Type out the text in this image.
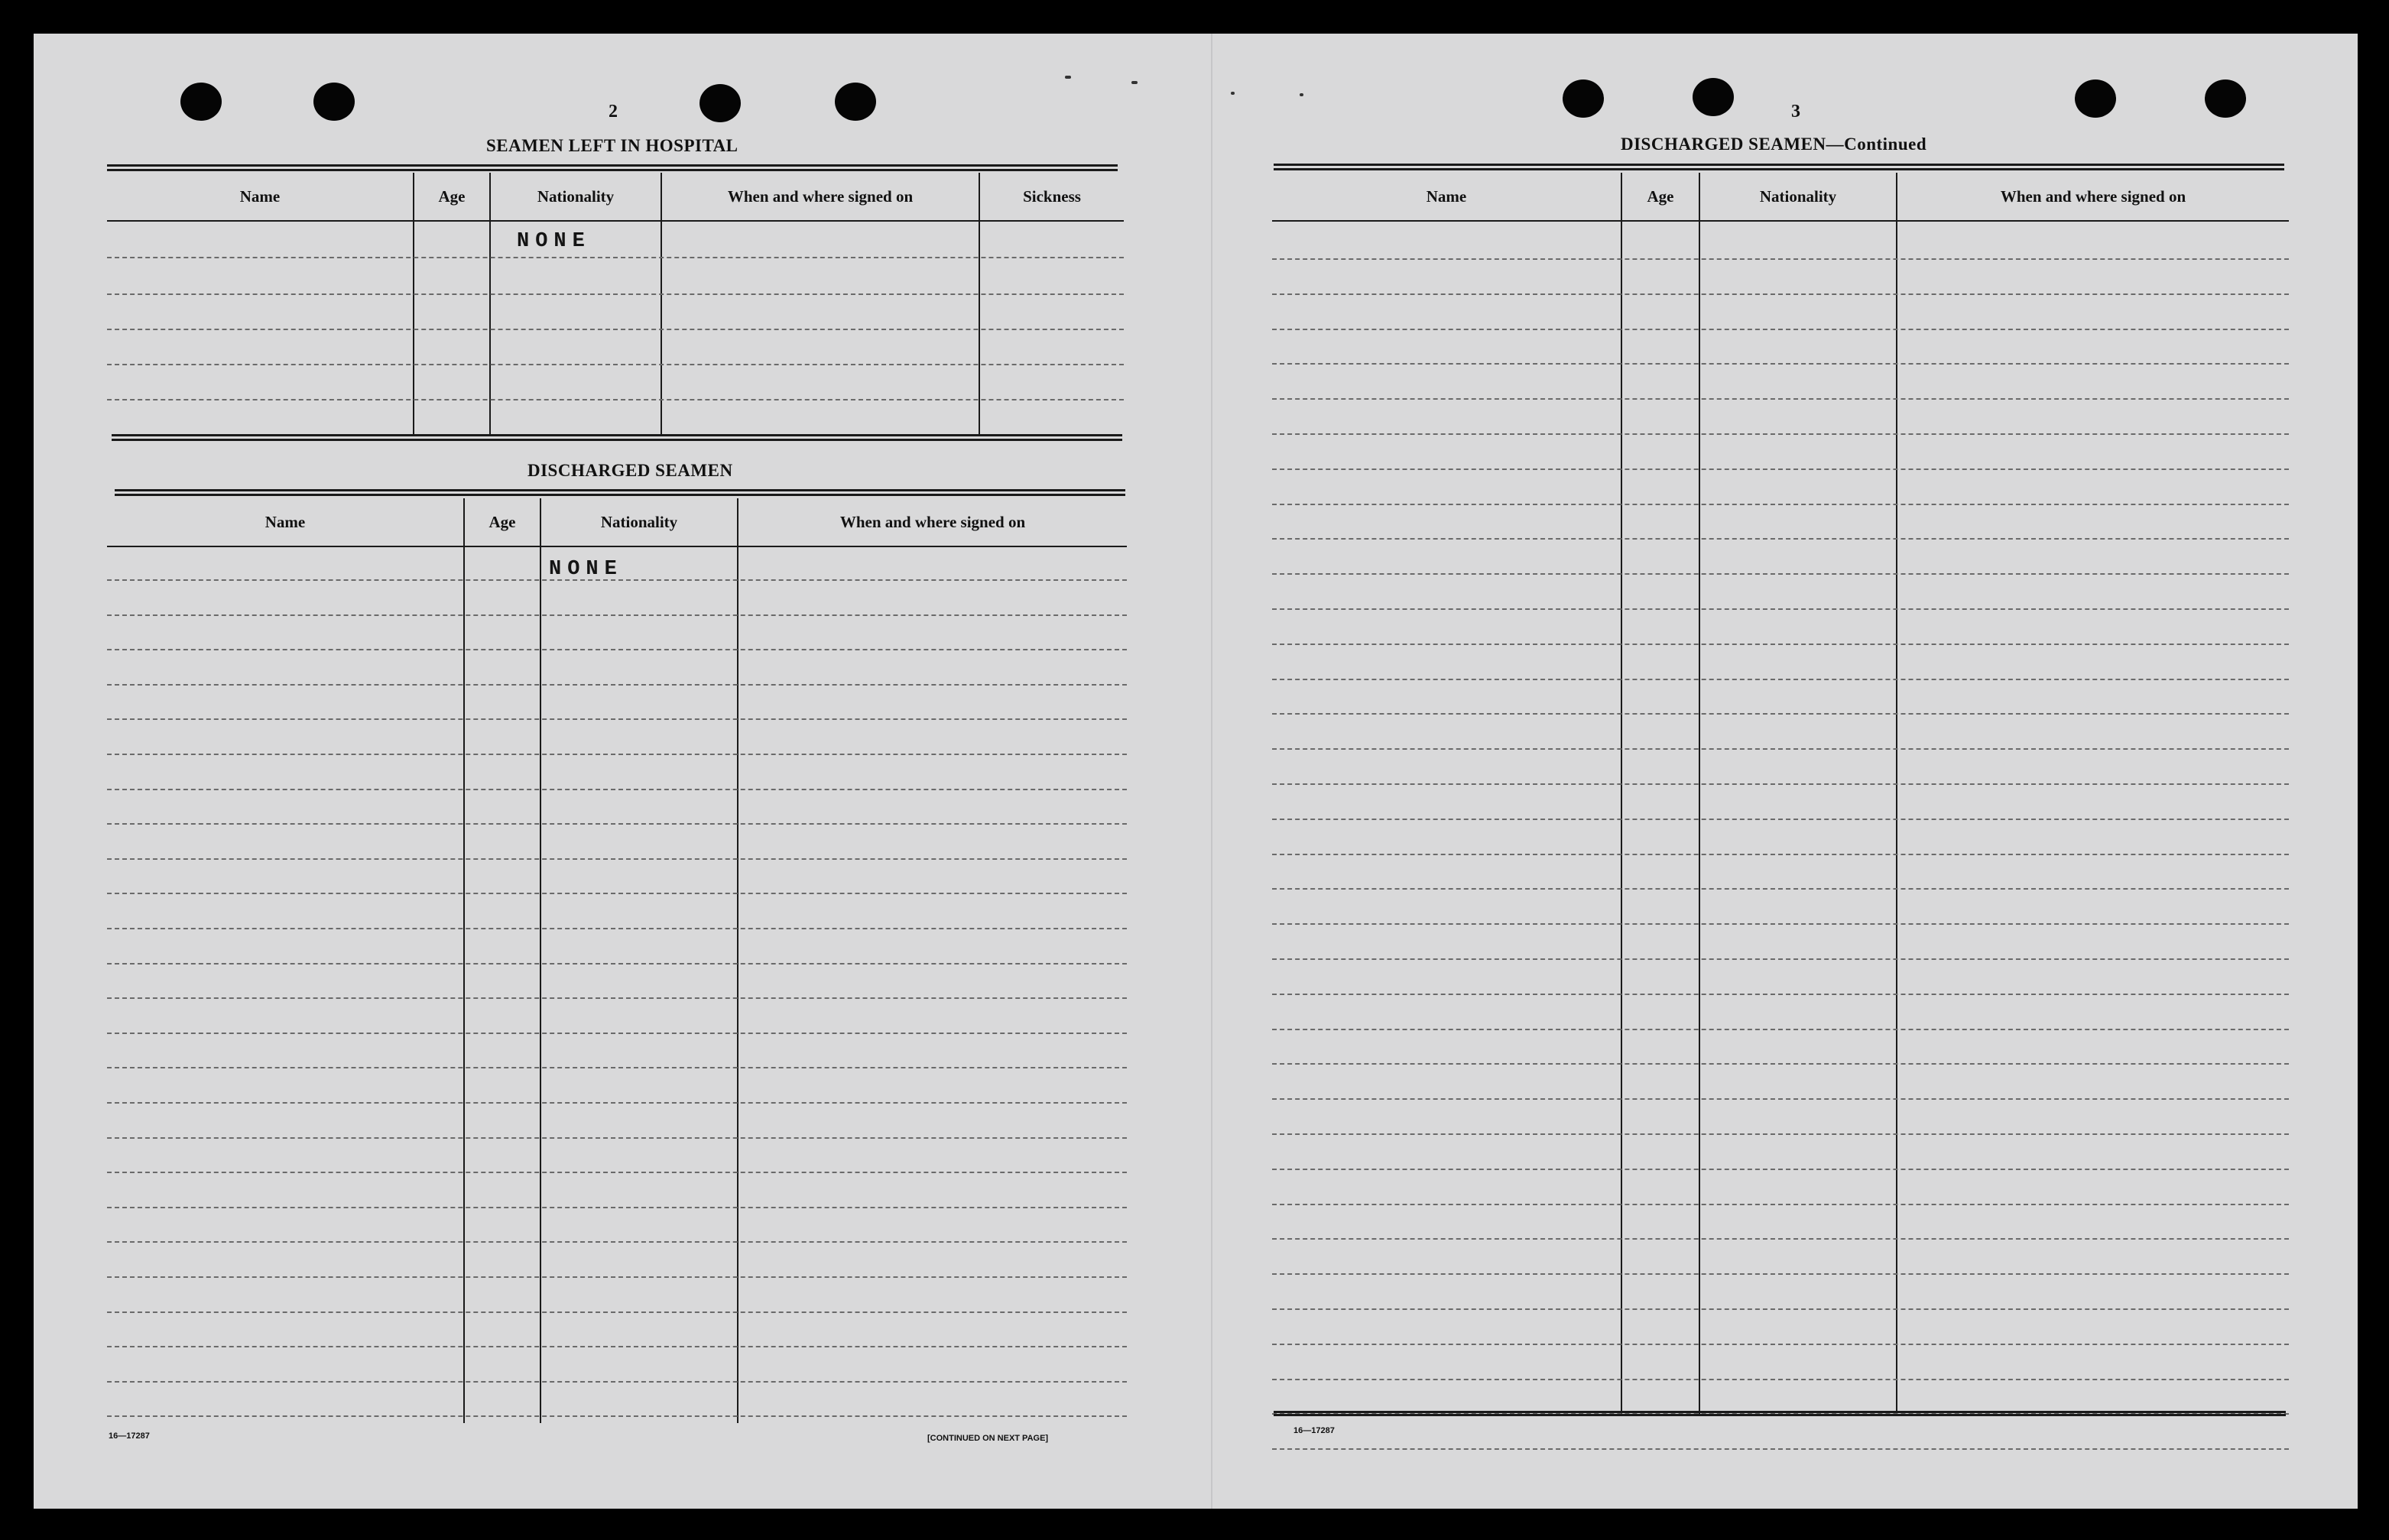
2
SEAMEN LEFT IN HOSPITAL
Name	Age	Nationality	When and where signed on	Sickness
NONE
DISCHARGED SEAMEN
Name	Age	Nationality	When and where signed on
NONE
16—17287	[CONTINUED ON NEXT PAGE]
3
DISCHARGED SEAMEN—Continued
Name	Age	Nationality	When and where signed on
16—17287
